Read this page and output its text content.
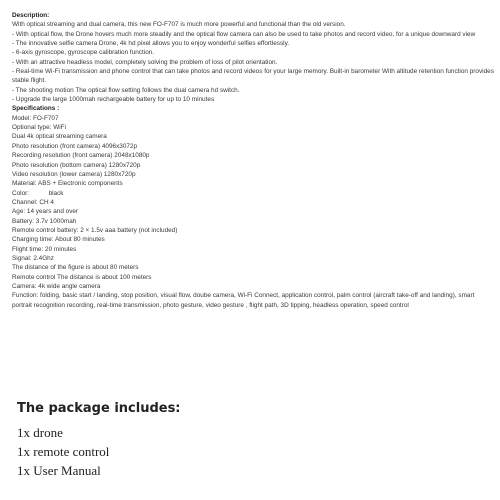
Description:

With optical streaming and dual camera, this new FO-F707 is much more powerful and functional than the old version.

- With optical flow, the Drone hovers much more steadily and the optical flow camera can also be used to take photos and record video, for a unique downward view

- The innovative selfie camera Drone, 4k hd pixel allows you to enjoy wonderful selfies effortlessly.

- 6-axis gyroscope, gyroscope calibration function.

- With an attractive headless model, completely solving the problem of loss of pilot orientation.

- Real-time Wi-Fi transmission and phone control that can take photos and record videos for your large memory. Built-in barometer With altitude retention function provides stable flight.

- The shooting motion The optical flow setting follows the dual camera hd switch.

- Upgrade the large 1000mah rechargeable battery for up to 10 minutes

Specifications :

Model: FO-F707

Optional type: WiFi

Dual 4k optical streaming camera

Photo resolution (front camera) 4096x3072p

Recording resolution (front camera) 2048x1080p

Photo resolution (bottom camera) 1280x720p

Video resolution (lower camera) 1280x720p

Material: ABS + Electronic components

Color:           black

Channel: CH 4

Age: 14 years and over

Battery: 3.7v 1000mah

Remote control battery: 2 × 1.5v aaa battery (not included)

Charging time: About 80 minutes

Flight time: 20 minutes

Signal: 2.4Ghz

The distance of the figure is about 80 meters

Remote control The distance is about 100 meters

Camera: 4k wide angle camera

Function: folding, basic start / landing, stop position, visual flow, doube camera, Wi-Fi Connect, application control, palm control (aircraft take-off and landing), smart portrait recognition recording, real-time transmission, photo gesture, video gesture , flight path, 3D tipping, headless operation, speed control

The package includes:

1x drone

1x remote control

1x User Manual
